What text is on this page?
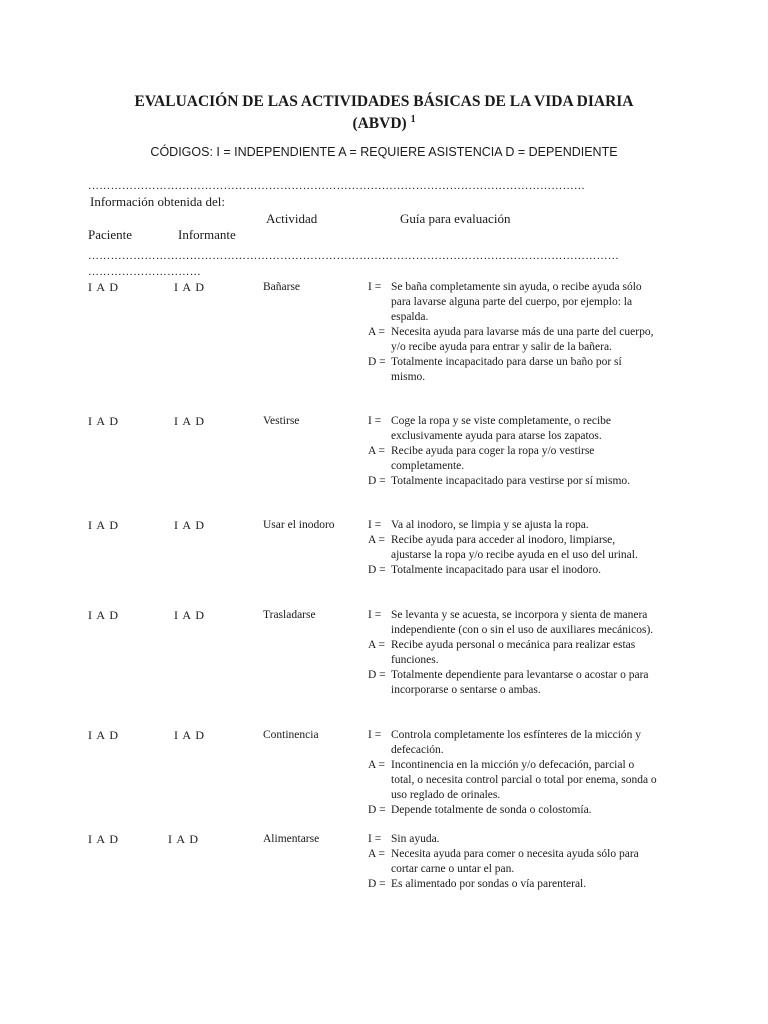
EVALUACIÓN DE LAS ACTIVIDADES BÁSICAS DE LA VIDA DIARIA
(ABVD) $^1$
CÓDIGOS: I = INDEPENDIENTE A = REQUIERE ASISTENCIA D = DEPENDIENTE
……………………………………………………………………………………………………………………
Información obtenida del:
Actividad	Guía para evaluación
Paciente	Informante
……………………………………………………………………………………………………………………………
…………………………
I A D	I A D	Bañarse	I = Se baña completamente sin ayuda, o recibe ayuda sólo para lavarse alguna parte del cuerpo, por ejemplo: la espalda.
A = Necesita ayuda para lavarse más de una parte del cuerpo, y/o recibe ayuda para entrar y salir de la bañera.
D = Totalmente incapacitado para darse un baño por sí mismo.
I A D	I A D	Vestirse	I = Coge la ropa y se viste completamente, o recibe exclusivamente ayuda para atarse los zapatos.
A = Recibe ayuda para coger la ropa y/o vestirse completamente.
D = Totalmente incapacitado para vestirse por sí mismo.
I A D	I A D	Usar el inodoro	I = Va al inodoro, se limpia y se ajusta la ropa.
A = Recibe ayuda para acceder al inodoro, limpiarse, ajustarse la ropa y/o recibe ayuda en el uso del urinal.
D = Totalmente incapacitado para usar el inodoro.
I A D	I A D	Trasladarse	I = Se levanta y se acuesta, se incorpora y sienta de manera independiente (con o sin el uso de auxiliares mecánicos).
A = Recibe ayuda personal o mecánica para realizar estas funciones.
D = Totalmente dependiente para levantarse o acostar o para incorporarse o sentarse o ambas.
I A D	I A D	Continencia	I = Controla completamente los esfínteres de la micción y defecación.
A = Incontinencia en la micción y/o defecación, parcial o total, o necesita control parcial o total por enema, sonda o uso reglado de orinales.
D = Depende totalmente de sonda o colostomía.
I A D	I A D	Alimentarse	I = Sin ayuda.
A = Necesita ayuda para comer o necesita ayuda sólo para cortar carne o untar el pan.
D = Es alimentado por sondas o vía parenteral.
